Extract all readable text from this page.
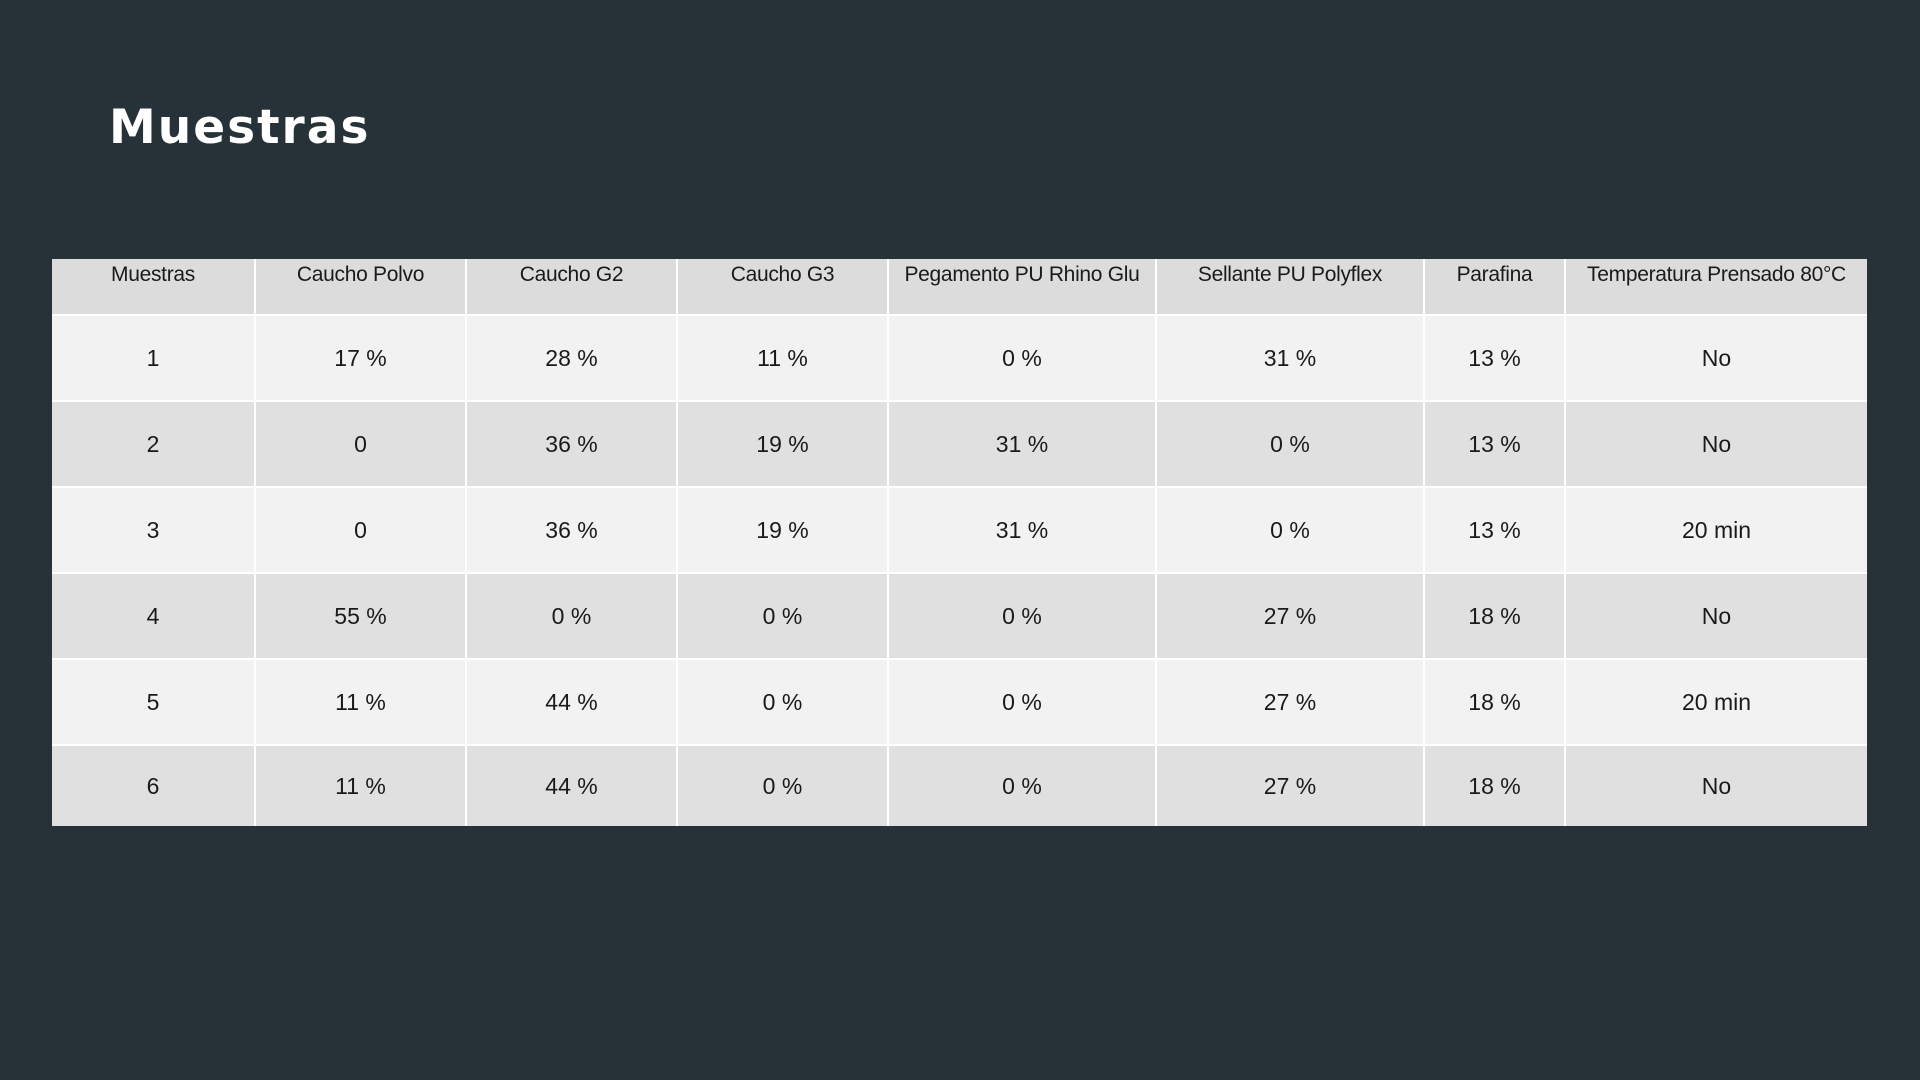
Muestras
Muestras	Caucho Polvo	Caucho G2	Caucho G3	Pegamento PU Rhino Glu	Sellante PU Polyflex	Parafina	Temperatura Prensado 80°C
1	17 %	28 %	11 %	0 %	31 %	13 %	No
2	0	36 %	19 %	31 %	0 %	13 %	No
3	0	36 %	19 %	31 %	0 %	13 %	20 min
4	55 %	0 %	0 %	0 %	27 %	18 %	No
5	11 %	44 %	0 %	0 %	27 %	18 %	20 min
6	11 %	44 %	0 %	0 %	27 %	18 %	No
